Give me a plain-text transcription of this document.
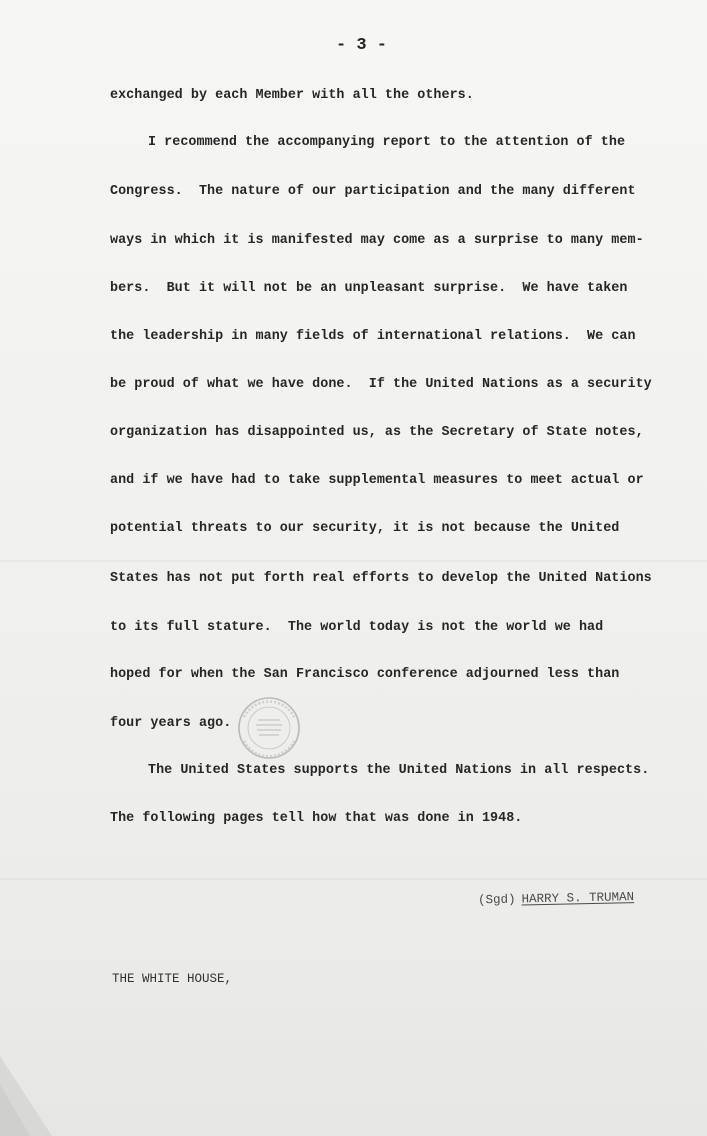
- 3 -
exchanged by each Member with all the others.
I recommend the accompanying report to the attention of the
Congress.  The nature of our participation and the many different
ways in which it is manifested may come as a surprise to many mem-
bers.  But it will not be an unpleasant surprise.  We have taken
the leadership in many fields of international relations.  We can
be proud of what we have done.  If the United Nations as a security
organization has disappointed us, as the Secretary of State notes,
and if we have had to take supplemental measures to meet actual or
potential threats to our security, it is not because the United
States has not put forth real efforts to develop the United Nations
to its full stature.  The world today is not the world we had
hoped for when the San Francisco conference adjourned less than
four years ago.
The United States supports the United Nations in all respects.
The following pages tell how that was done in 1948.

(Sgd) HARRY S. TRUMAN

THE WHITE HOUSE,
